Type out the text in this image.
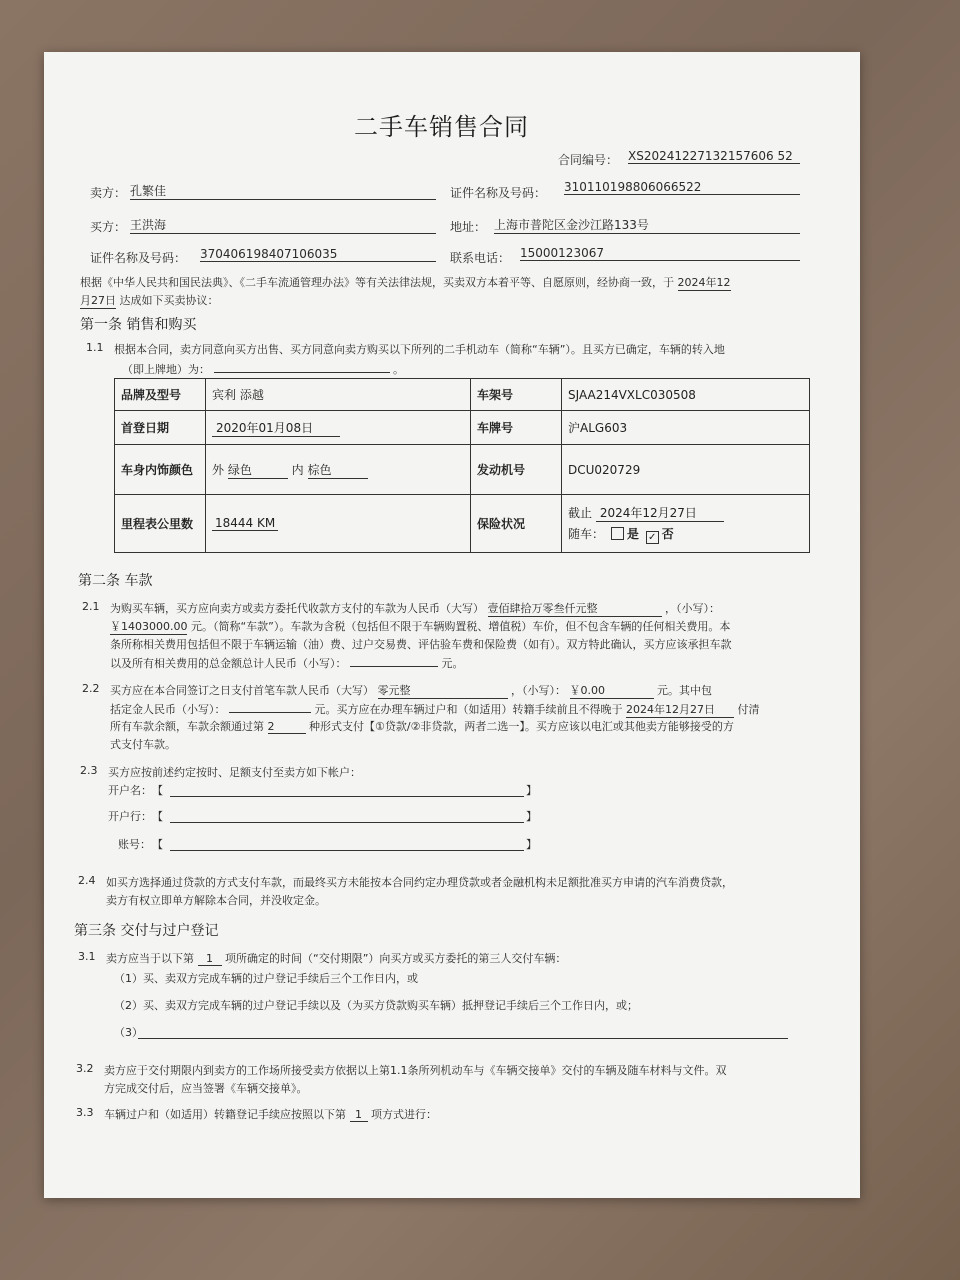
二手车销售合同
合同编号： XS20241227132157606 52
卖方： 孔繁佳	证件名称及号码： 310110198806066522
买方： 王洪海	地址： 上海市普陀区金沙江路133号
证件名称及号码： 370406198407106035	联系电话： 15000123067
根据《中华人民共和国民法典》、《二手车流通管理办法》等有关法律法规，买卖双方本着平等、自愿原则，经协商一致，于 2024年12
月27日 达成如下买卖协议：
第一条 销售和购买
1.1 根据本合同，卖方同意向买方出售、买方同意向卖方购买以下所列的二手机动车（简称“车辆”）。且买方已确定，车辆的转入地
（即上牌地）为：	。
品牌及型号	宾利 添越	车架号	SJAA214VXLC030508
首登日期	2020年01月08日	车牌号	沪ALG603
车身内饰颜色	外 绿色 内 棕色	发动机号	DCU020729
里程表公里数	18444 KM	保险状况	截止 2024年12月27日
随车： 是 ✓ 否
第二条 车款
2.1 为购买车辆，买方应向卖方或卖方委托代收款方支付的车款为人民币（大写） 壹佰肆拾万零叁仟元整	，（小写）：
￥1403000.00 元。（简称“车款”）。车款为含税（包括但不限于车辆购置税、增值税）车价，但不包含车辆的任何相关费用。本
条所称相关费用包括但不限于车辆运输（油）费、过户交易费、评估验车费和保险费（如有）。双方特此确认，买方应该承担车款
以及所有相关费用的总金额总计人民币（小写）：	元。
2.2 买方应在本合同签订之日支付首笔车款人民币（大写） 零元整	，（小写）： ￥0.00	元。其中包
括定金人民币（小写）：	元。买方应在办理车辆过户和（如适用）转籍手续前且不得晚于 2024年12月27日 付清
所有车款余额，车款余额通过第 2	种形式支付【①贷款/②非贷款，两者二选一】。买方应该以电汇或其他卖方能够接受的方
式支付车款。
2.3 买方应按前述约定按时、足额支付至卖方如下帐户：
开户名： 【	】
开户行： 【	】
账号： 【	】
2.4 如买方选择通过贷款的方式支付车款，而最终买方未能按本合同约定办理贷款或者金融机构未足额批准买方申请的汽车消费贷款，
卖方有权立即单方解除本合同，并没收定金。
第三条 交付与过户登记
3.1 卖方应当于以下第 1 项所确定的时间（“交付期限”）向买方或买方委托的第三人交付车辆：
（1）买、卖双方完成车辆的过户登记手续后三个工作日内，或
（2）买、卖双方完成车辆的过户登记手续以及（为买方贷款购买车辆）抵押登记手续后三个工作日内，或；
（3）
3.2 卖方应于交付期限内到卖方的工作场所接受卖方依据以上第1.1条所列机动车与《车辆交接单》交付的车辆及随车材料与文件。双
方完成交付后，应当签署《车辆交接单》。
3.3 车辆过户和（如适用）转籍登记手续应按照以下第 1 项方式进行：
